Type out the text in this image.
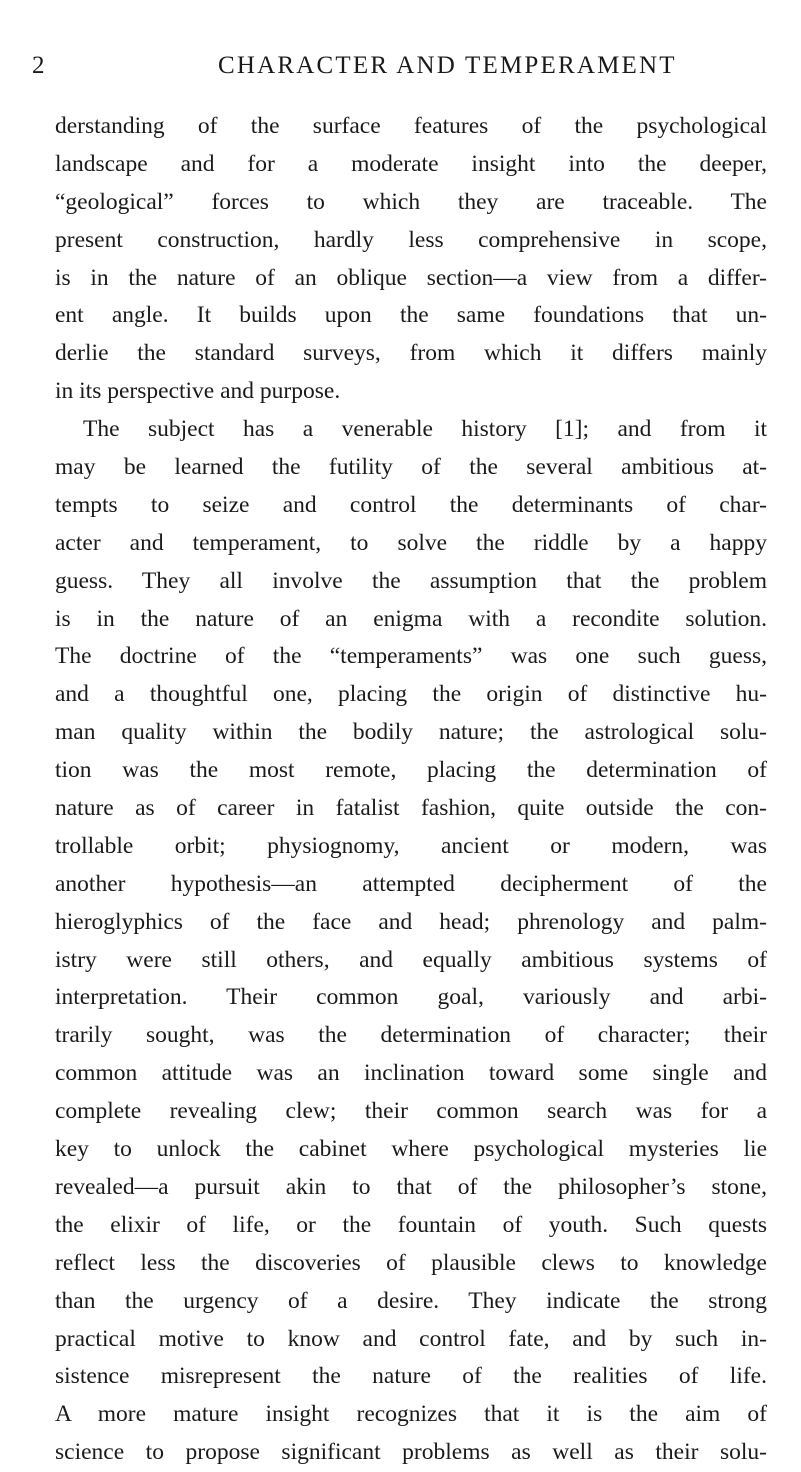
2	CHARACTER AND TEMPERAMENT
derstanding of the surface features of the psychological
landscape and for a moderate insight into the deeper,
“geological” forces to which they are traceable. The
present construction, hardly less comprehensive in scope,
is in the nature of an oblique section—a view from a differ-
ent angle. It builds upon the same foundations that un-
derlie the standard surveys, from which it differs mainly
in its perspective and purpose.
The subject has a venerable history [1]; and from it
may be learned the futility of the several ambitious at-
tempts to seize and control the determinants of char-
acter and temperament, to solve the riddle by a happy
guess. They all involve the assumption that the problem
is in the nature of an enigma with a recondite solution.
The doctrine of the “temperaments” was one such guess,
and a thoughtful one, placing the origin of distinctive hu-
man quality within the bodily nature; the astrological solu-
tion was the most remote, placing the determination of
nature as of career in fatalist fashion, quite outside the con-
trollable orbit; physiognomy, ancient or modern, was
another hypothesis—an attempted decipherment of the
hieroglyphics of the face and head; phrenology and palm-
istry were still others, and equally ambitious systems of
interpretation. Their common goal, variously and arbi-
trarily sought, was the determination of character; their
common attitude was an inclination toward some single and
complete revealing clew; their common search was for a
key to unlock the cabinet where psychological mysteries lie
revealed—a pursuit akin to that of the philosopher’s stone,
the elixir of life, or the fountain of youth. Such quests
reflect less the discoveries of plausible clews to knowledge
than the urgency of a desire. They indicate the strong
practical motive to know and control fate, and by such in-
sistence misrepresent the nature of the realities of life.
A more mature insight recognizes that it is the aim of
science to propose significant problems as well as their solu-
